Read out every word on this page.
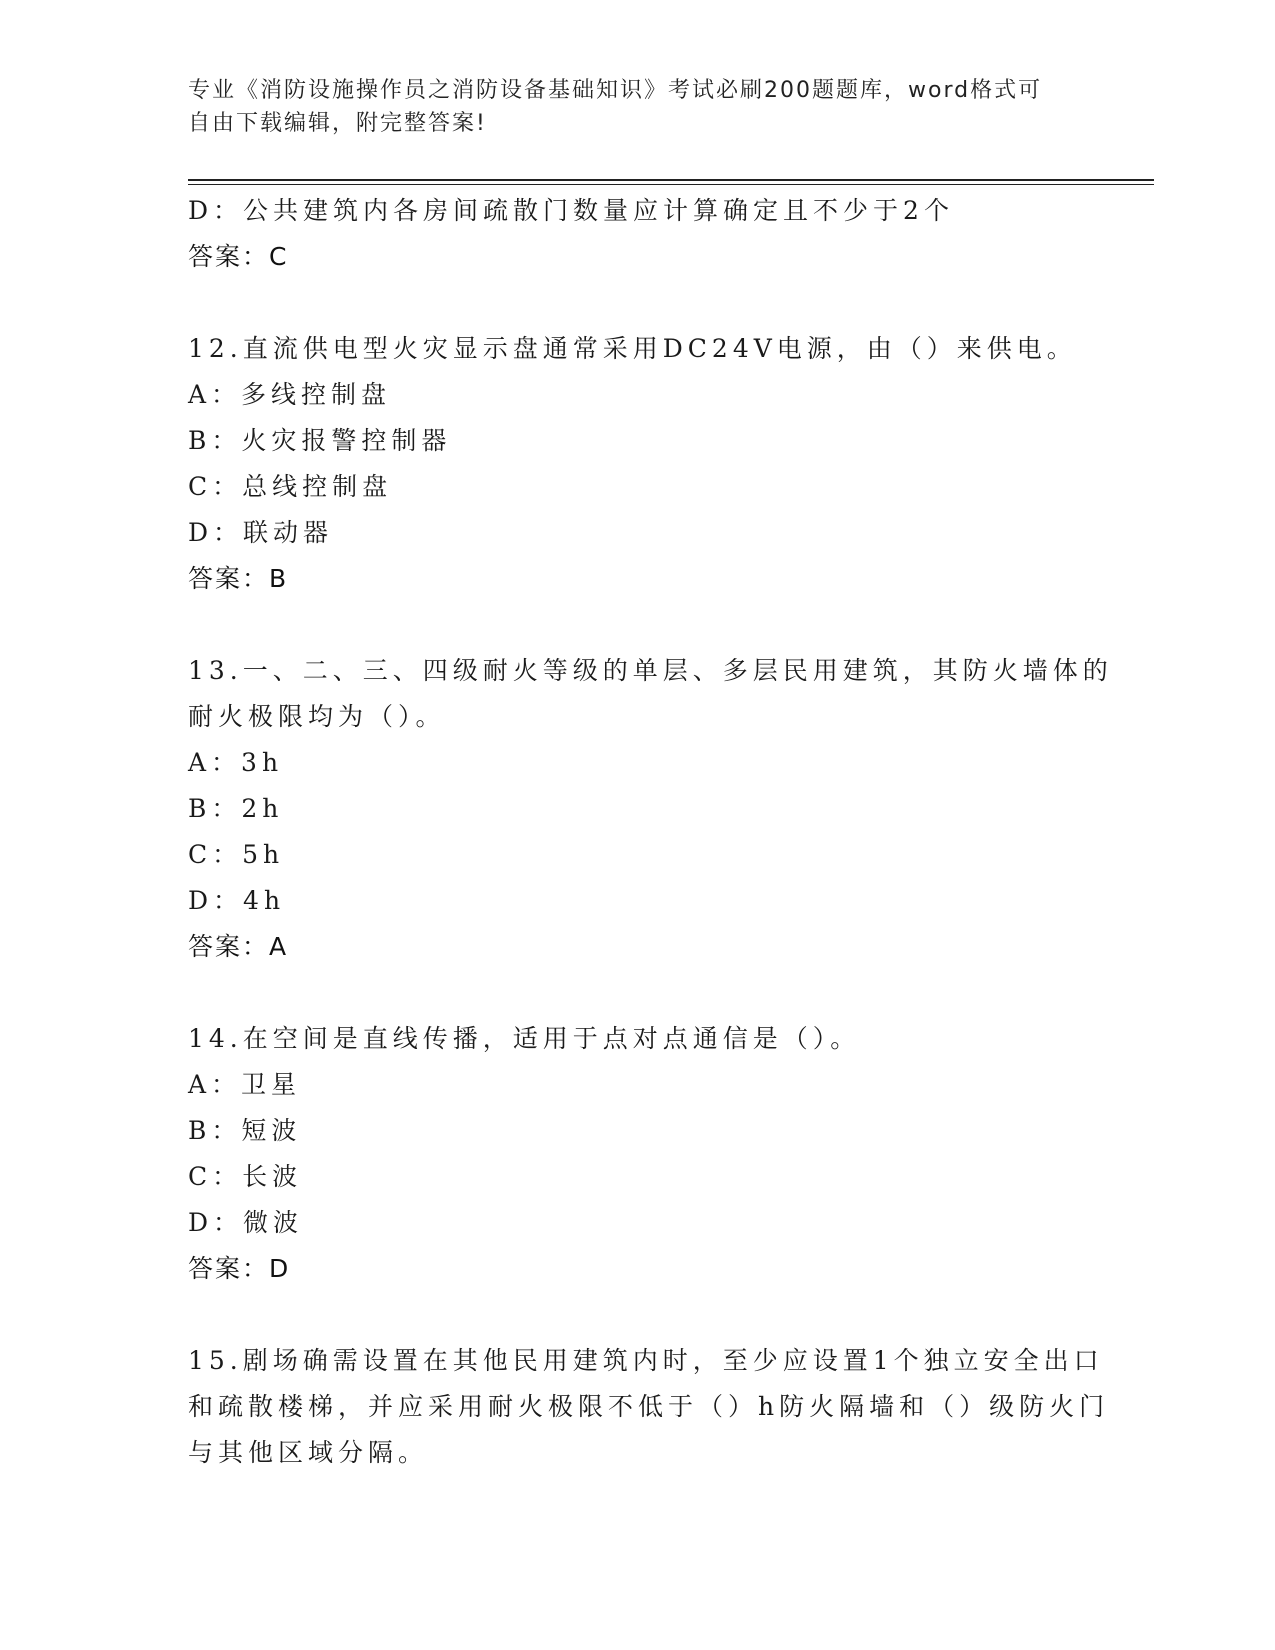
专业《消防设施操作员之消防设备基础知识》考试必刷200题题库，word格式可
自由下载编辑，附完整答案!
D：公共建筑内各房间疏散门数量应计算确定且不少于2个
答案：C
12.直流供电型火灾显示盘通常采用DC24V电源，由（）来供电。
A：多线控制盘
B：火灾报警控制器
C：总线控制盘
D：联动器
答案：B
13.一、二、三、四级耐火等级的单层、多层民用建筑，其防火墙体的
耐火极限均为（）。
A：3h
B：2h
C：5h
D：4h
答案：A
14.在空间是直线传播，适用于点对点通信是（）。
A：卫星
B：短波
C：长波
D：微波
答案：D
15.剧场确需设置在其他民用建筑内时，至少应设置1个独立安全出口
和疏散楼梯，并应采用耐火极限不低于（）h防火隔墙和（）级防火门
与其他区域分隔。
